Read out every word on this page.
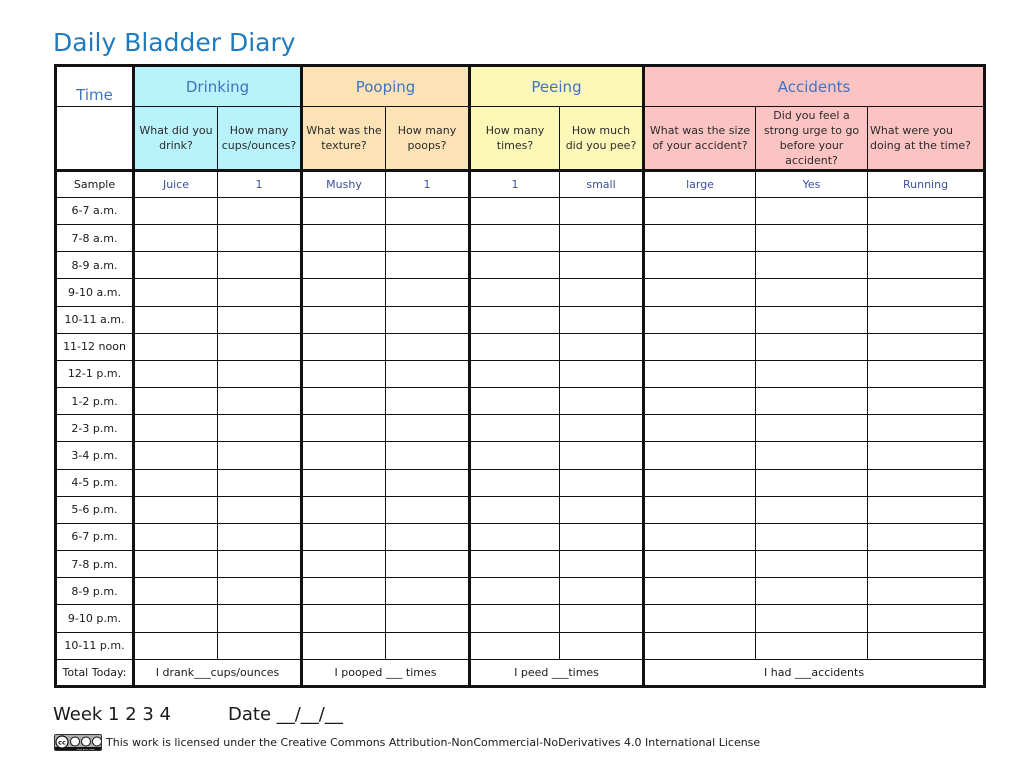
Daily Bladder Diary
Time	Drinking		Pooping		Peeing		Accidents		
	What did you drink?	How many cups/ounces?	What was the texture?	How many poops?	How many times?	How much did you pee?	What was the size of your accident?	Did you feel a strong urge to go before your accident?	What were you doing at the time?
Sample	Juice	1	Mushy	1	1	small	large	Yes	Running
6-7 a.m.									
7-8 a.m.									
8-9 a.m.									
9-10 a.m.									
10-11 a.m.									
11-12 noon									
12-1 p.m.									
1-2 p.m.									
2-3 p.m.									
3-4 p.m.									
4-5 p.m.									
5-6 p.m.									
6-7 p.m.									
7-8 p.m.									
8-9 p.m.									
9-10 p.m.									
10-11 p.m.									
Total Today:	I drank___cups/ounces		I pooped ___ times		I peed ___times		I had ___accidents		
Week 1 2 3 4	Date __/__/__
cc
BY NC ND
This work is licensed under the Creative Commons Attribution-NonCommercial-NoDerivatives 4.0 International License
